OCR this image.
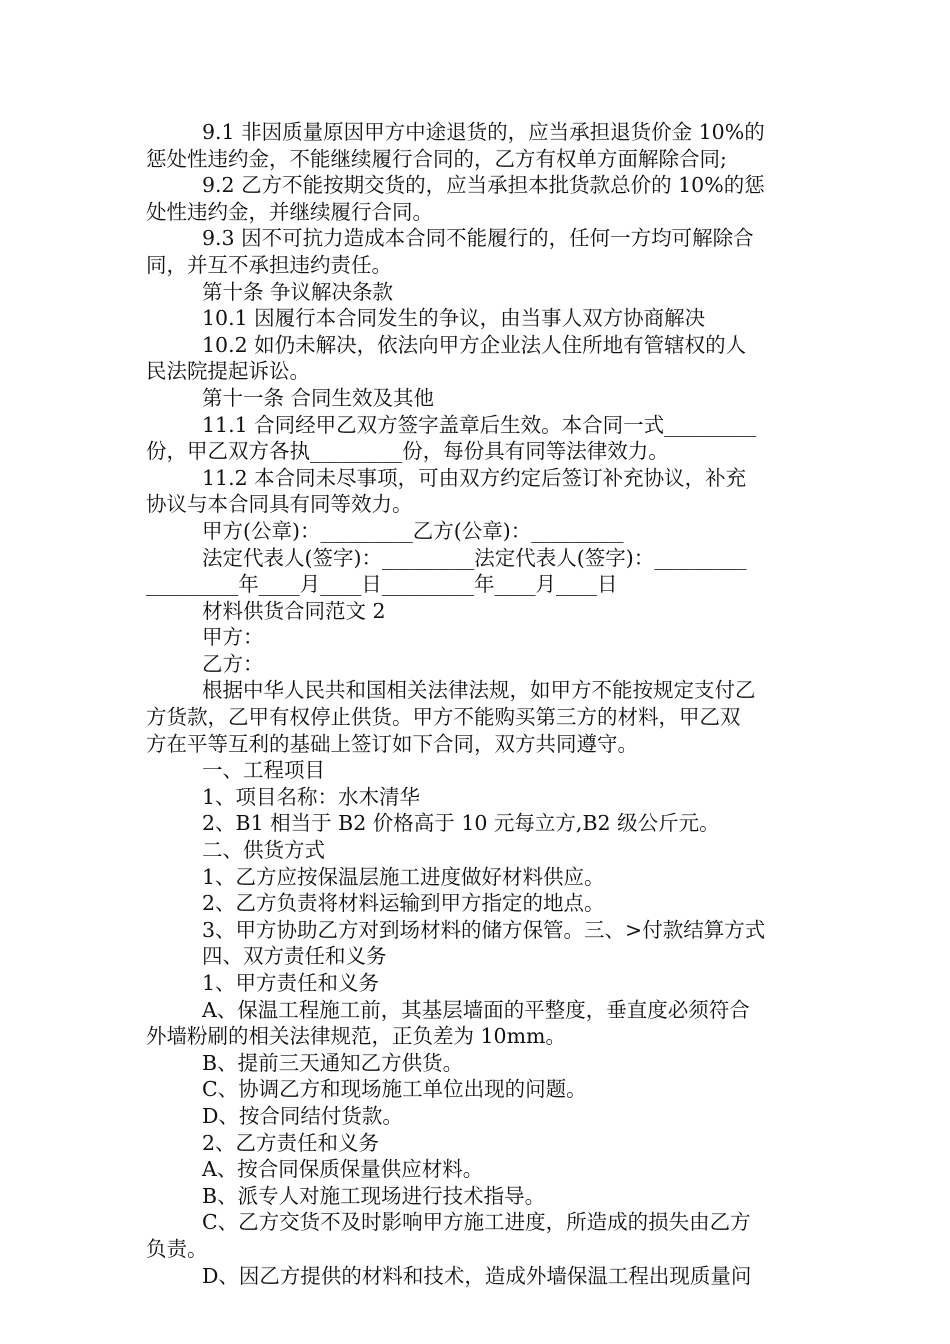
9.1 非因质量原因甲方中途退货的，应当承担退货价金 10%的
惩处性违约金，不能继续履行合同的，乙方有权单方面解除合同;
9.2 乙方不能按期交货的，应当承担本批货款总价的 10%的惩
处性违约金，并继续履行合同。
9.3 因不可抗力造成本合同不能履行的，任何一方均可解除合
同，并互不承担违约责任。
第十条 争议解决条款
10.1 因履行本合同发生的争议，由当事人双方协商解决
10.2 如仍未解决，依法向甲方企业法人住所地有管辖权的人
民法院提起诉讼。
第十一条 合同生效及其他
11.1 合同经甲乙双方签字盖章后生效。本合同一式_________
份，甲乙双方各执_________份，每份具有同等法律效力。
11.2 本合同未尽事项，可由双方约定后签订补充协议，补充
协议与本合同具有同等效力。
甲方(公章)：_________乙方(公章)：_________
法定代表人(签字)：_________法定代表人(签字)：_________
_________年____月____日_________年____月____日
材料供货合同范文 2
甲方：
乙方：
根据中华人民共和国相关法律法规，如甲方不能按规定支付乙
方货款，乙甲有权停止供货。甲方不能购买第三方的材料，甲乙双
方在平等互利的基础上签订如下合同，双方共同遵守。
一、工程项目
1、项目名称：水木清华
2、B1 相当于 B2 价格高于 10 元每立方,B2 级公斤元。
二、供货方式
1、乙方应按保温层施工进度做好材料供应。
2、乙方负责将材料运输到甲方指定的地点。
3、甲方协助乙方对到场材料的储方保管。三、>付款结算方式
四、双方责任和义务
1、甲方责任和义务
A、保温工程施工前，其基层墙面的平整度，垂直度必须符合
外墙粉刷的相关法律规范，正负差为 10mm。
B、提前三天通知乙方供货。
C、协调乙方和现场施工单位出现的问题。
D、按合同结付货款。
2、乙方责任和义务
A、按合同保质保量供应材料。
B、派专人对施工现场进行技术指导。
C、乙方交货不及时影响甲方施工进度，所造成的损失由乙方
负责。
D、因乙方提供的材料和技术，造成外墙保温工程出现质量问
